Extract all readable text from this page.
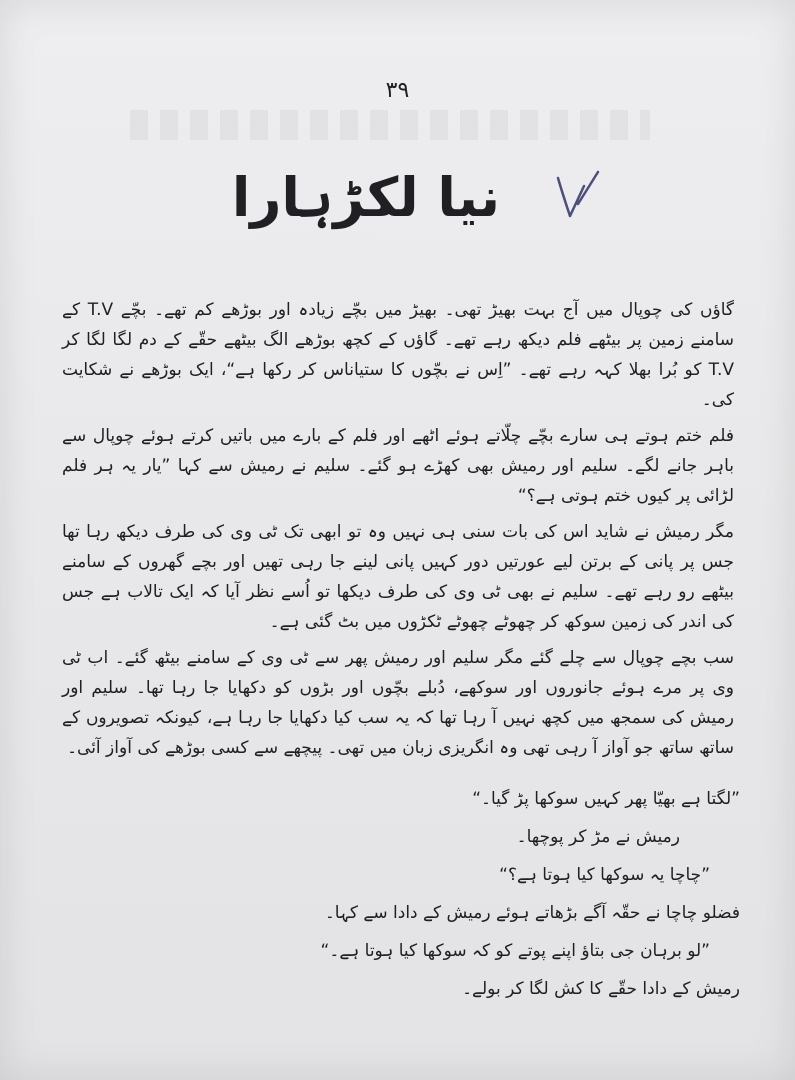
۳۹
نیا لکڑہارا

گاؤں کی چوپال میں آج بہت بھیڑ تھی۔ بھیڑ میں بچّے زیادہ اور بوڑھے کم تھے۔ بچّے T.V کے سامنے زمین پر بیٹھے فلم دیکھ رہے تھے۔ گاؤں کے کچھ بوڑھے الگ بیٹھے حقّے کے دم لگا لگا کر T.V کو بُرا بھلا کہہ رہے تھے۔ ”اِس نے بچّوں کا ستیاناس کر رکھا ہے“، ایک بوڑھے نے شکایت کی۔

فلم ختم ہوتے ہی سارے بچّے چلّاتے ہوئے اٹھے اور فلم کے بارے میں باتیں کرتے ہوئے چوپال سے باہر جانے لگے۔ سلیم اور رمیش بھی کھڑے ہو گئے۔ سلیم نے رمیش سے کہا ”یار یہ ہر فلم لڑائی پر کیوں ختم ہوتی ہے؟“

مگر رمیش نے شاید اس کی بات سنی ہی نہیں وہ تو ابھی تک ٹی وی کی طرف دیکھ رہا تھا جس پر پانی کے برتن لیے عورتیں دور کہیں پانی لینے جا رہی تھیں اور بچے گھروں کے سامنے بیٹھے رو رہے تھے۔ سلیم نے بھی ٹی وی کی طرف دیکھا تو اُسے نظر آیا کہ ایک تالاب ہے جس کی اندر کی زمین سوکھ کر چھوٹے چھوٹے ٹکڑوں میں بٹ گئی ہے۔

سب بچے چوپال سے چلے گئے مگر سلیم اور رمیش پھر سے ٹی وی کے سامنے بیٹھ گئے۔ اب ٹی وی پر مرے ہوئے جانوروں اور سوکھے، دُبلے بچّوں اور بڑوں کو دکھایا جا رہا تھا۔ سلیم اور رمیش کی سمجھ میں کچھ نہیں آ رہا تھا کہ یہ سب کیا دکھایا جا رہا ہے، کیونکہ تصویروں کے ساتھ ساتھ جو آواز آ رہی تھی وہ انگریزی زبان میں تھی۔ پیچھے سے کسی بوڑھے کی آواز آئی۔

”لگتا ہے بھیّا پھر کہیں سوکھا پڑ گیا۔“

رمیش نے مڑ کر پوچھا۔

”چاچا یہ سوکھا کیا ہوتا ہے؟“

فضلو چاچا نے حقّہ آگے بڑھاتے ہوئے رمیش کے دادا سے کہا۔

”لو برہان جی بتاؤ اپنے پوتے کو کہ سوکھا کیا ہوتا ہے۔“

رمیش کے دادا حقّے کا کش لگا کر بولے۔
